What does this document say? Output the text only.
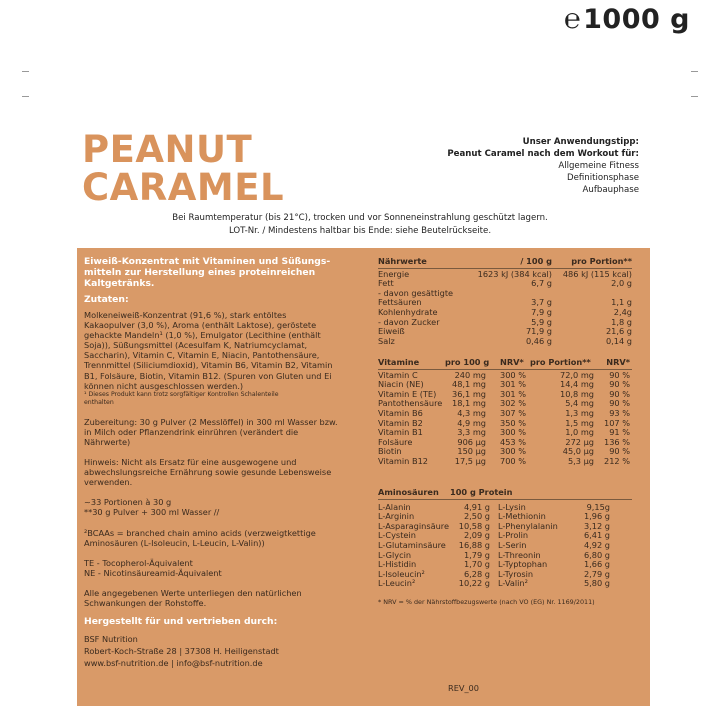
℮1000 g
PEANUT
CARAMEL
Unser Anwendungstipp:
Peanut Caramel nach dem Workout für:
Allgemeine Fitness
Definitionsphase
Aufbauphase
Bei Raumtemperatur (bis 21°C), trocken und vor Sonneneinstrahlung geschützt lagern.
LOT-Nr. / Mindestens haltbar bis Ende: siehe Beutelrückseite.

Eiweiß-Konzentrat mit Vitaminen und Süßungs-

mitteln zur Herstellung eines proteinreichen

Kaltgetränks.

Zutaten:

Molkeneiweiß-Konzentrat (91,6 %), stark entöltes

Kakaopulver (3,0 %), Aroma (enthält Laktose), geröstete

gehackte Mandeln¹ (1,0 %), Emulgator (Lecithine (enthält

Soja)), Süßungsmittel (Acesulfam K, Natriumcyclamat,

Saccharin), Vitamin C, Vitamin E, Niacin, Pantothensäure,

Trennmittel (Siliciumdioxid), Vitamin B6, Vitamin B2, Vitamin

B1, Folsäure, Biotin, Vitamin B12. (Spuren von Gluten und Ei

können nicht ausgeschlossen werden.)

¹ Dieses Produkt kann trotz sorgfältiger Kontrollen Schalenteile

enthalten

Zubereitung: 30 g Pulver (2 Messlöffel) in 300 ml Wasser bzw.

in Milch oder Pflanzendrink einrühren (verändert die

Nährwerte)

Hinweis: Nicht als Ersatz für eine ausgewogene und

abwechslungsreiche Ernährung sowie gesunde Lebensweise

verwenden.

~33 Portionen à 30 g

**30 g Pulver + 300 ml Wasser //

²BCAAs = branched chain amino acids (verzweigtkettige

Aminosäuren (L-Isoleucin, L-Leucin, L-Valin))

TE - Tocopherol-Äquivalent

NE - Nicotinsäureamid-Äquivalent

Alle angegebenen Werte unterliegen den natürlichen

Schwankungen der Rohstoffe.

Hergestellt für und vertrieben durch:

BSF Nutrition

Robert-Koch-Straße 28 | 37308 H. Heiligenstadt

www.bsf-nutrition.de | info@bsf-nutrition.de

Nährwerte	/ 100 g pro Portion**
Energie	1623 kJ (384 kcal) 486 kJ (115 kcal)
Fett	6,7 g	2,0 g
- davon gesättigte
Fettsäuren	3,7 g	1,1 g
Kohlenhydrate	7,9 g	2,4g
- davon Zucker	5,9 g	1,8 g
Eiweiß	71,9 g	21,6 g
Salz	0,46 g	0,14 g
Vitamine	pro 100 g NRV* pro Portion** NRV*
Vitamin C	240 mg 300 %	72,0 mg 90 %
Niacin (NE)	48,1 mg 301 %	14,4 mg 90 %
Vitamin E (TE) 36,1 mg 301 %	10,8 mg 90 %
Pantothensäure 18,1 mg 302 %	5,4 mg 90 %
Vitamin B6	4,3 mg 307 %	1,3 mg 93 %
Vitamin B2	4,9 mg 350 %	1,5 mg 107 %
Vitamin B1	3,3 mg 300 %	1,0 mg 91 %
Folsäure	906 µg 453 %	272 µg 136 %
Biotin	150 µg 300 %	45,0 µg 90 %
Vitamin B12	17,5 µg 700 %	5,3 µg 212 %
Aminosäuren 100 g Protein
L-Alanin	4,91 g L-Lysin	9,15g
L-Arginin	2,50 g L-Methionin	1,96 g
L-Asparaginsäure 10,58 g L-Phenylalanin	3,12 g
L-Cystein	2,09 g L-Prolin	6,41 g
L-Glutaminsäure 16,88 g L-Serin	4,92 g
L-Glycin	1,79 g L-Threonin	6,80 g
L-Histidin	1,70 g L-Typtophan	1,66 g
L-Isoleucin²	6,28 g L-Tyrosin	2,79 g
L-Leucin²	10,22 g L-Valin²	5,80 g
* NRV = % der Nährstoffbezugswerte (nach VO (EG) Nr. 1169/2011)
REV_00
